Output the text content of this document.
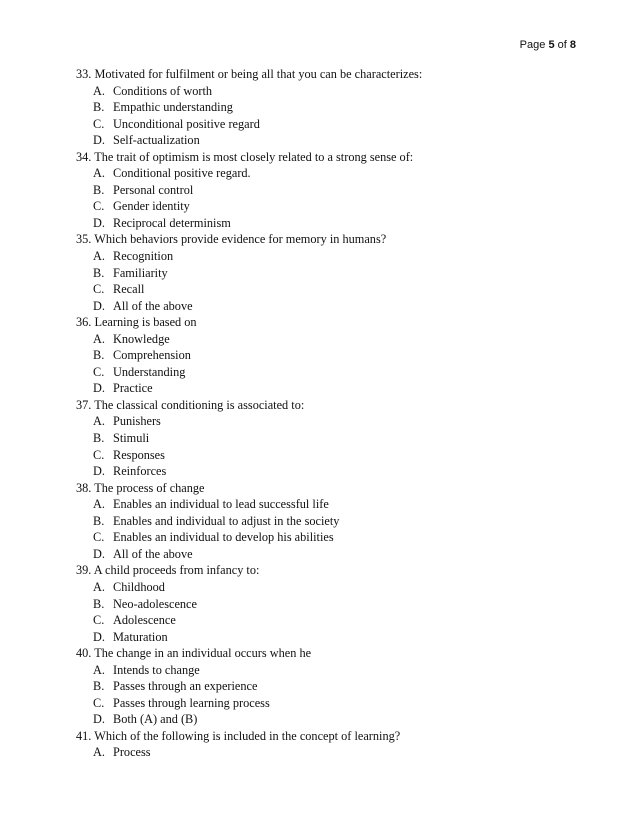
Page 5 of 8
33. Motivated for fulfilment or being all that you can be characterizes:
A. Conditions of worth
B. Empathic understanding
C. Unconditional positive regard
D. Self-actualization
34. The trait of optimism is most closely related to a strong sense of:
A. Conditional positive regard.
B. Personal control
C. Gender identity
D. Reciprocal determinism
35. Which behaviors provide evidence for memory in humans?
A. Recognition
B. Familiarity
C. Recall
D. All of the above
36. Learning is based on
A. Knowledge
B. Comprehension
C. Understanding
D. Practice
37. The classical conditioning is associated to:
A. Punishers
B. Stimuli
C. Responses
D. Reinforces
38. The process of change
A. Enables an individual to lead successful life
B. Enables and individual to adjust in the society
C. Enables an individual to develop his abilities
D. All of the above
39. A child proceeds from infancy to:
A. Childhood
B. Neo-adolescence
C. Adolescence
D. Maturation
40. The change in an individual occurs when he
A. Intends to change
B. Passes through an experience
C. Passes through learning process
D. Both (A) and (B)
41. Which of the following is included in the concept of learning?
A. Process
